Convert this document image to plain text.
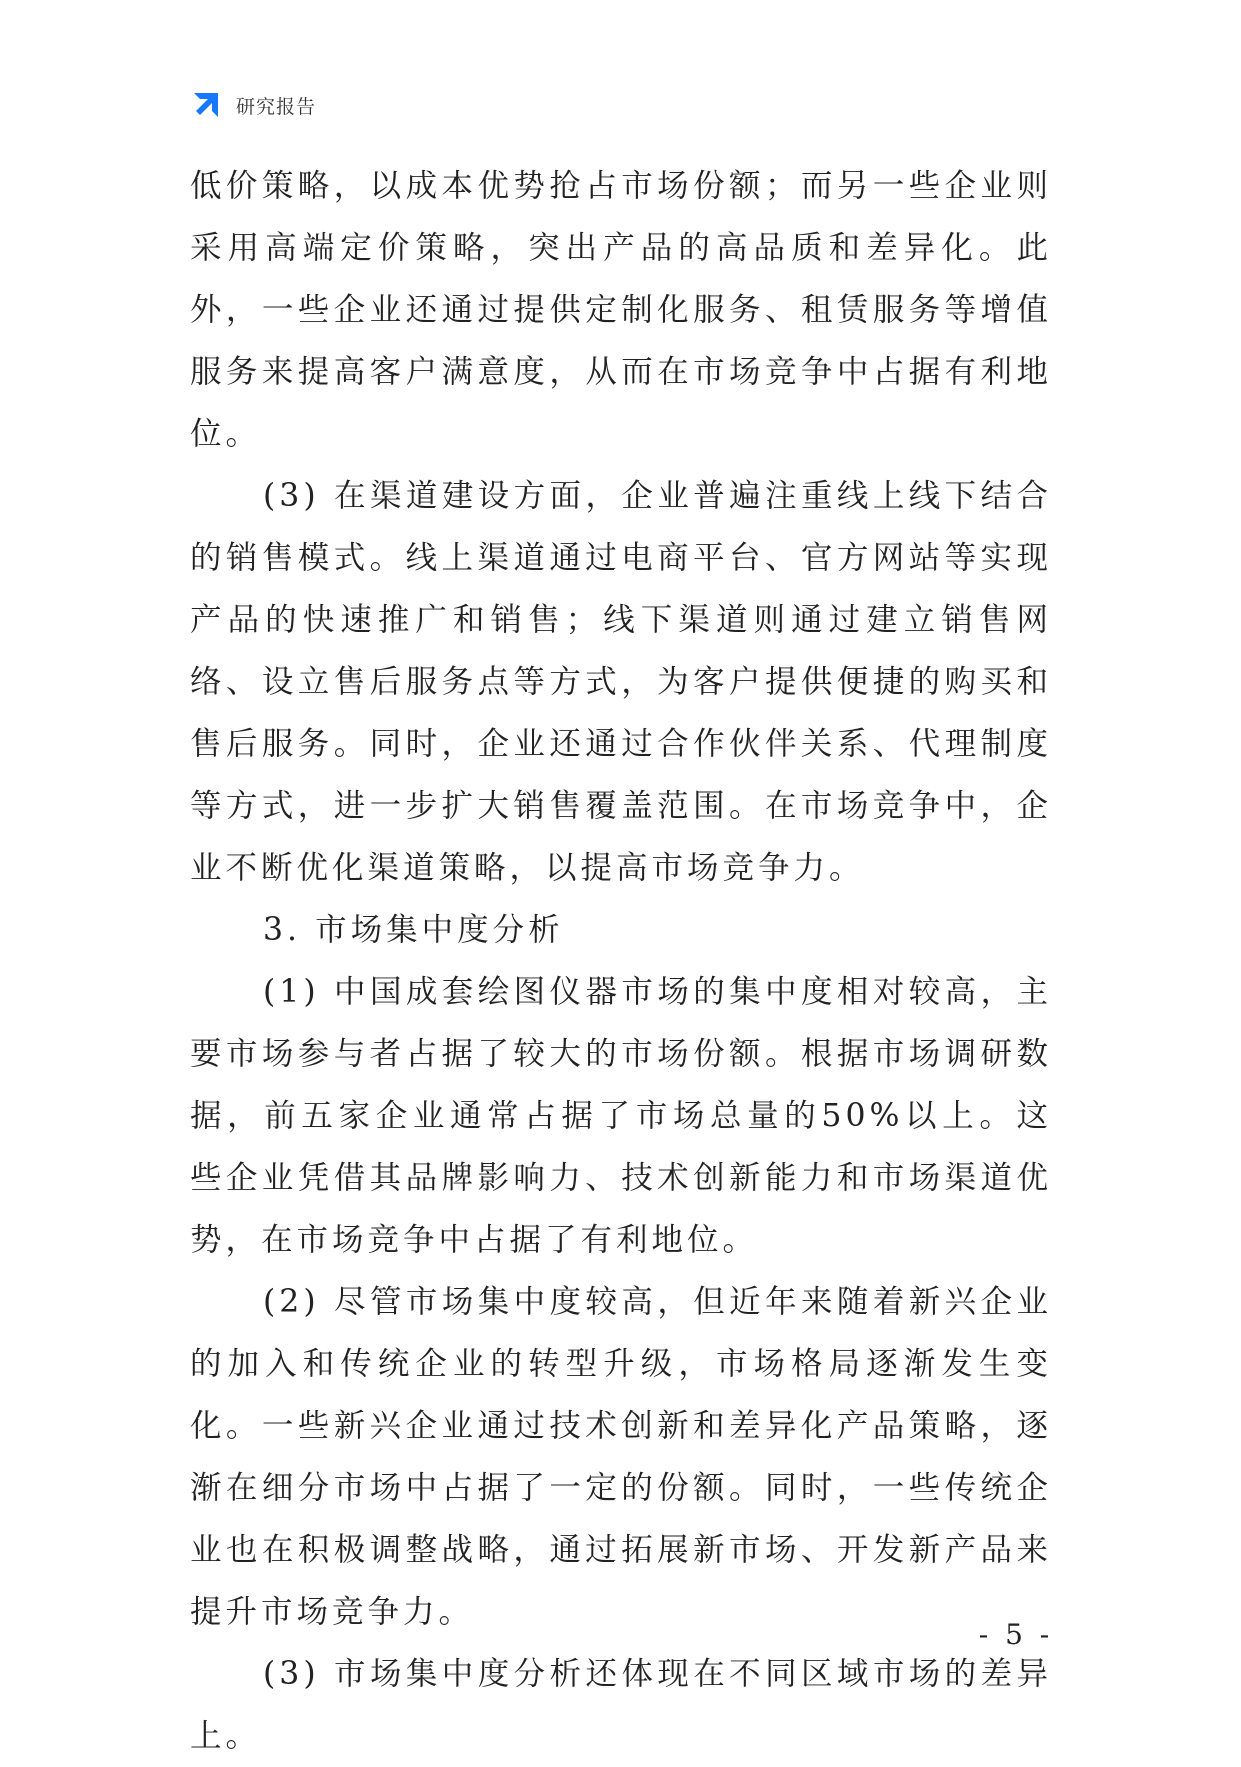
研究报告

低价策略，以成本优势抢占市场份额；而另一些企业则采用高端定价策略，突出产品的高品质和差异化。此外，一些企业还通过提供定制化服务、租赁服务等增值服务来提高客户满意度，从而在市场竞争中占据有利地位。

(3) 在渠道建设方面，企业普遍注重线上线下结合的销售模式。线上渠道通过电商平台、官方网站等实现产品的快速推广和销售；线下渠道则通过建立销售网络、设立售后服务点等方式，为客户提供便捷的购买和售后服务。同时，企业还通过合作伙伴关系、代理制度等方式，进一步扩大销售覆盖范围。在市场竞争中，企业不断优化渠道策略，以提高市场竞争力。

3. 市场集中度分析

(1) 中国成套绘图仪器市场的集中度相对较高，主要市场参与者占据了较大的市场份额。根据市场调研数据，前五家企业通常占据了市场总量的50%以上。这些企业凭借其品牌影响力、技术创新能力和市场渠道优势，在市场竞争中占据了有利地位。

(2) 尽管市场集中度较高，但近年来随着新兴企业的加入和传统企业的转型升级，市场格局逐渐发生变化。一些新兴企业通过技术创新和差异化产品策略，逐渐在细分市场中占据了一定的份额。同时，一些传统企业也在积极调整战略，通过拓展新市场、开发新产品来提升市场竞争力。

(3) 市场集中度分析还体现在不同区域市场的差异上。

- 5 -
